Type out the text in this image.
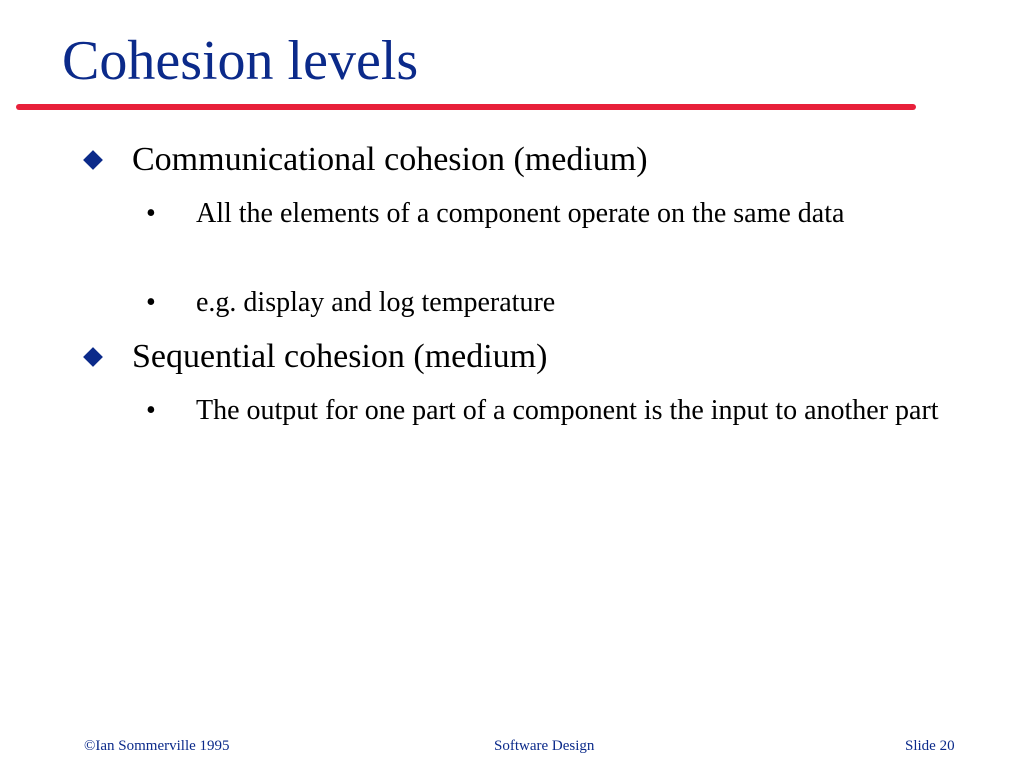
Cohesion levels
Communicational cohesion (medium)
• All the elements of a component operate on the same data
• e.g. display and log temperature
Sequential cohesion (medium)
• The output for one part of a component is the input to another part
©Ian Sommerville 1995	Software Design	Slide 20
